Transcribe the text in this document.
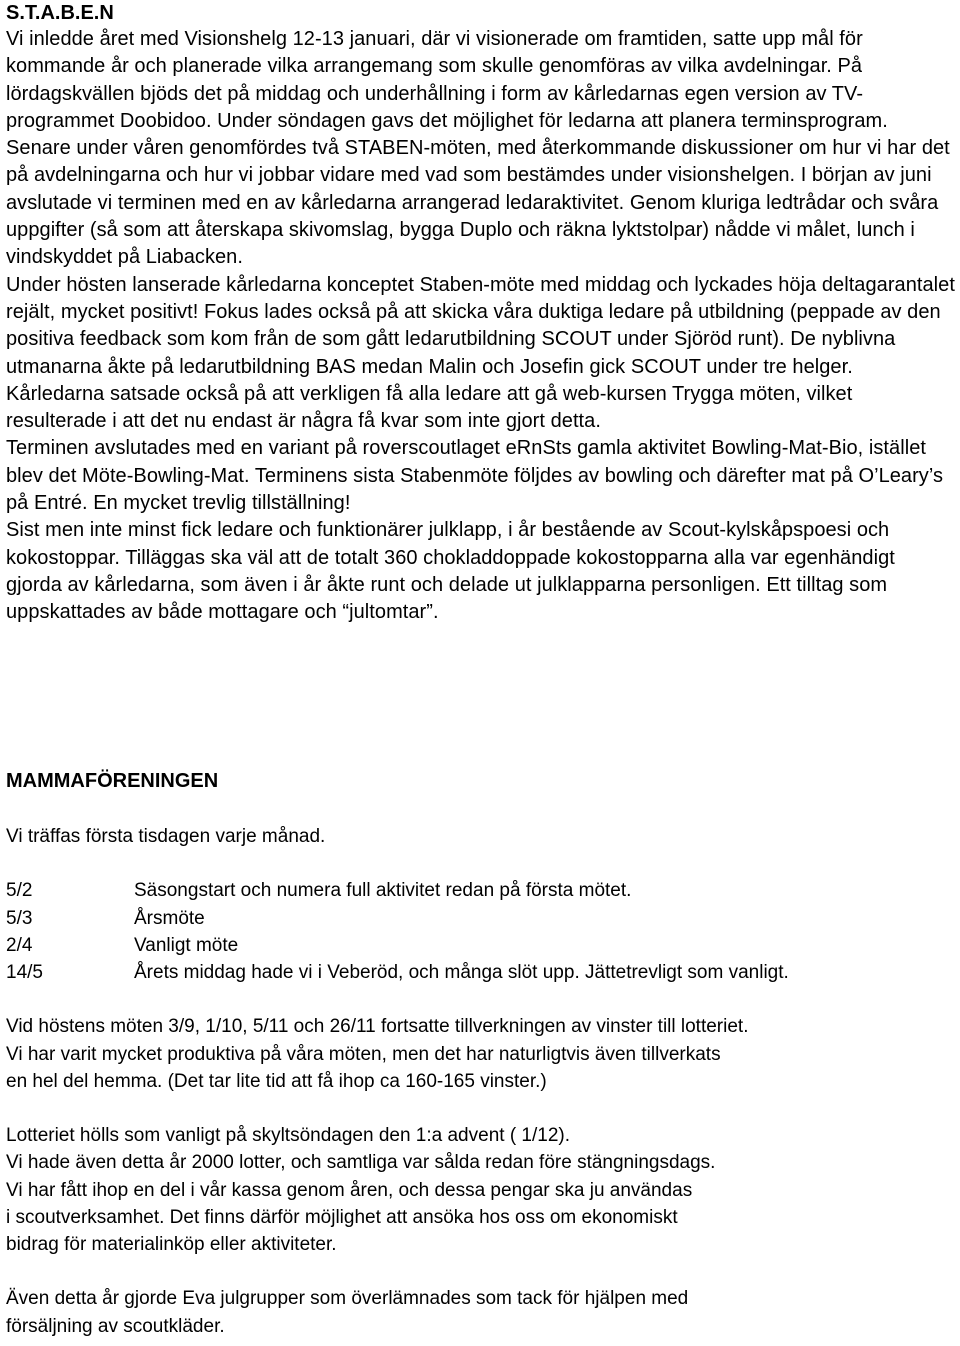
S.T.A.B.E.N

Vi inledde året med Visionshelg 12-13 januari, där vi visionerade om framtiden, satte upp mål för kommande år och planerade vilka arrangemang som skulle genomföras av vilka avdelningar. På lördagskvällen bjöds det på middag och underhållning i form av kårledarnas egen version av TV-programmet Doobidoo. Under söndagen gavs det möjlighet för ledarna att planera terminsprogram. Senare under våren genomfördes två STABEN-möten, med återkommande diskussioner om hur vi har det på avdelningarna och hur vi jobbar vidare med vad som bestämdes under visionshelgen. I början av juni avslutade vi terminen med en av kårledarna arrangerad ledaraktivitet. Genom kluriga ledtrådar och svåra uppgifter (så som att återskapa skivomslag, bygga Duplo och räkna lyktstolpar) nådde vi målet, lunch i vindskyddet på Liabacken.

Under hösten lanserade kårledarna konceptet Staben-möte med middag och lyckades höja deltagarantalet rejält, mycket positivt! Fokus lades också på att skicka våra duktiga ledare på utbildning (peppade av den positiva feedback som kom från de som gått ledarutbildning SCOUT under Sjöröd runt). De nyblivna utmanarna åkte på ledarutbildning BAS medan Malin och Josefin gick SCOUT under tre helger. Kårledarna satsade också på att verkligen få alla ledare att gå web-kursen Trygga möten, vilket resulterade i att det nu endast är några få kvar som inte gjort detta.

Terminen avslutades med en variant på roverscoutlaget eRnSts gamla aktivitet Bowling-Mat-Bio, istället blev det Möte-Bowling-Mat. Terminens sista Stabenmöte följdes av bowling och därefter mat på O’Leary’s på Entré. En mycket trevlig tillställning!

Sist men inte minst fick ledare och funktionärer julklapp, i år bestående av Scout-kylskåpspoesi och kokostoppar. Tilläggas ska väl att de totalt 360 chokladdoppade kokostopparna alla var egenhändigt gjorda av kårledarna, som även i år åkte runt och delade ut julklapparna personligen. Ett tilltag som uppskattades av både mottagare och “jultomtar”.

MAMMAFÖRENINGEN

Vi träffas första tisdagen varje månad.

5/2	Säsongstart och numera full aktivitet redan på första mötet.
5/3	Årsmöte
2/4	Vanligt möte
14/5	Årets middag hade vi i Veberöd, och många slöt upp. Jättetrevligt som vanligt.

Vid höstens möten 3/9, 1/10, 5/11 och 26/11 fortsatte tillverkningen av vinster till lotteriet.

Vi har varit mycket produktiva på våra möten, men det har naturligtvis även tillverkats

en hel del hemma. (Det tar lite tid att få ihop ca 160-165 vinster.)

Lotteriet hölls som vanligt på skyltsöndagen den 1:a advent ( 1/12).

Vi hade även detta år 2000 lotter, och samtliga var sålda redan före stängningsdags.

Vi har fått ihop en del i vår kassa genom åren, och dessa pengar ska ju användas

i scoutverksamhet. Det finns därför möjlighet att ansöka hos oss om ekonomiskt

bidrag för materialinköp eller aktiviteter.

Även detta år gjorde Eva julgrupper som överlämnades som tack för hjälpen med

försäljning av scoutkläder.
